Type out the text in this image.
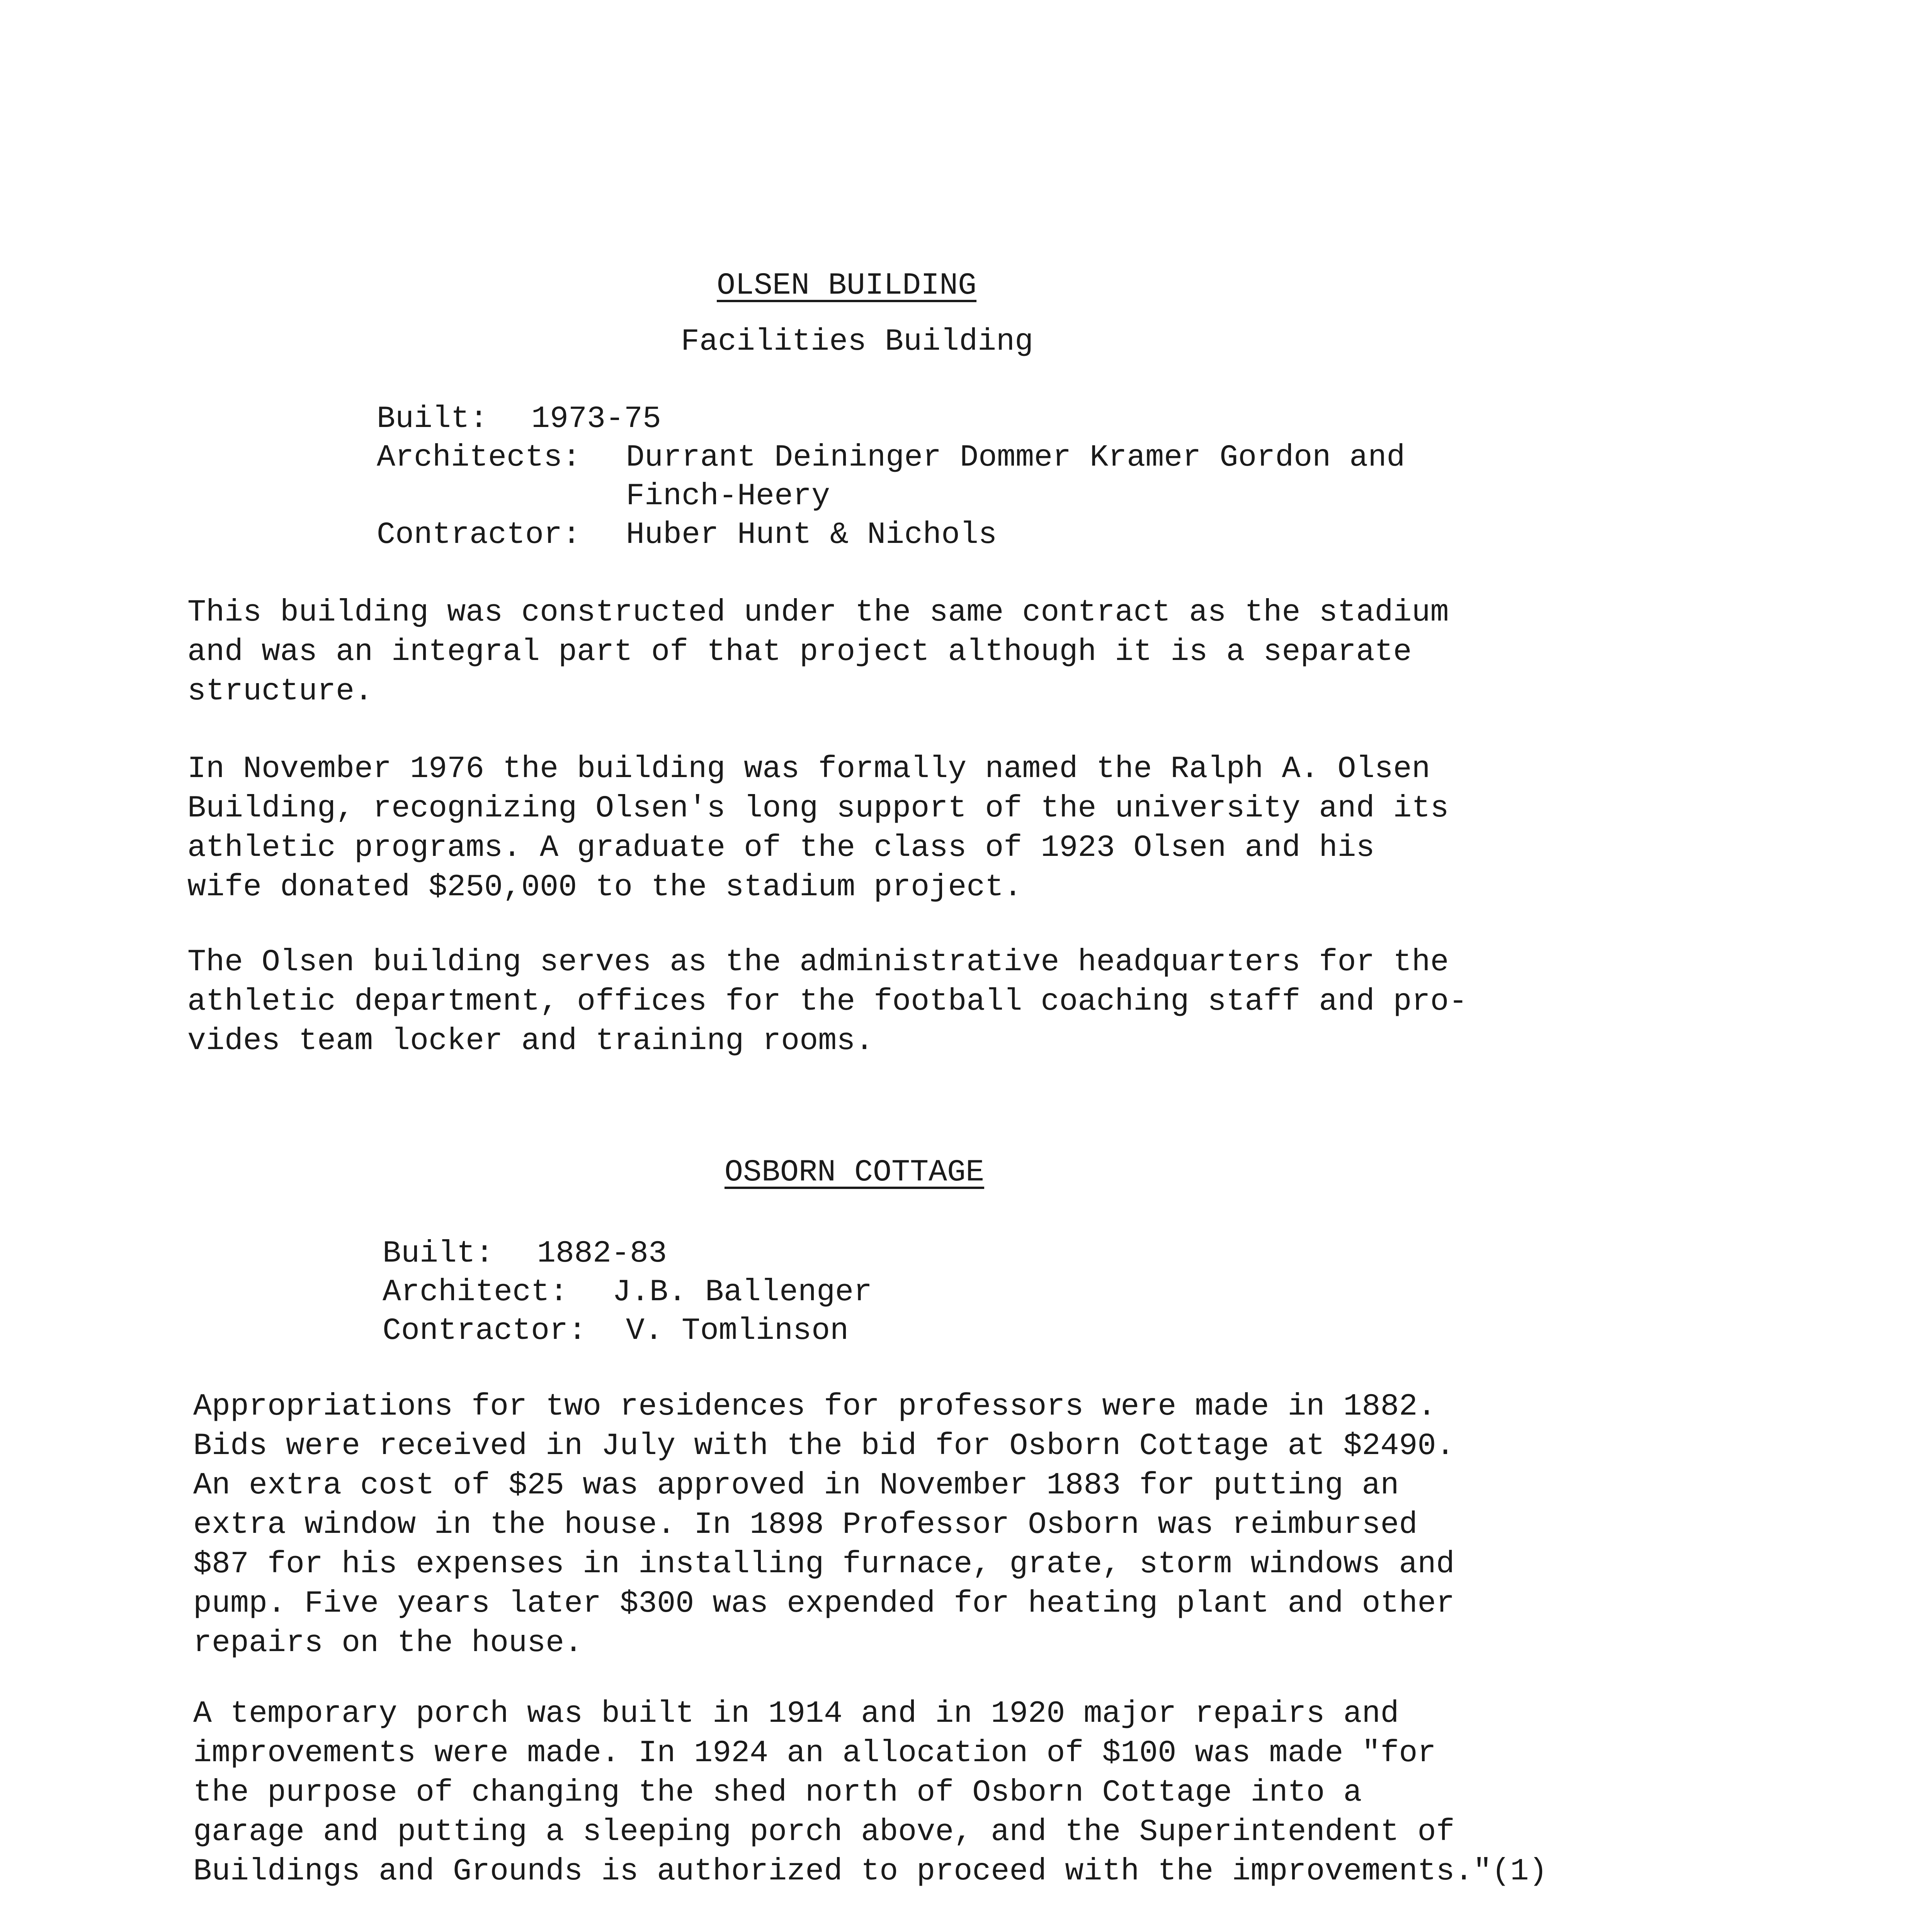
OLSEN BUILDING
Facilities Building
Built: 1973-75
Architects: Durrant Deininger Dommer Kramer Gordon and
Finch-Heery
Contractor: Huber Hunt & Nichols
This building was constructed under the same contract as the stadium
and was an integral part of that project although it is a separate
structure.
In November 1976 the building was formally named the Ralph A. Olsen
Building, recognizing Olsen's long support of the university and its
athletic programs. A graduate of the class of 1923 Olsen and his
wife donated $250,000 to the stadium project.
The Olsen building serves as the administrative headquarters for the
athletic department, offices for the football coaching staff and pro-
vides team locker and training rooms.
OSBORN COTTAGE
Built: 1882-83
Architect: J.B. Ballenger
Contractor: V. Tomlinson
Appropriations for two residences for professors were made in 1882.
Bids were received in July with the bid for Osborn Cottage at $2490.
An extra cost of $25 was approved in November 1883 for putting an
extra window in the house. In 1898 Professor Osborn was reimbursed
$87 for his expenses in installing furnace, grate, storm windows and
pump. Five years later $300 was expended for heating plant and other
repairs on the house.
A temporary porch was built in 1914 and in 1920 major repairs and
improvements were made. In 1924 an allocation of $100 was made "for
the purpose of changing the shed north of Osborn Cottage into a
garage and putting a sleeping porch above, and the Superintendent of
Buildings and Grounds is authorized to proceed with the improvements."(1)
